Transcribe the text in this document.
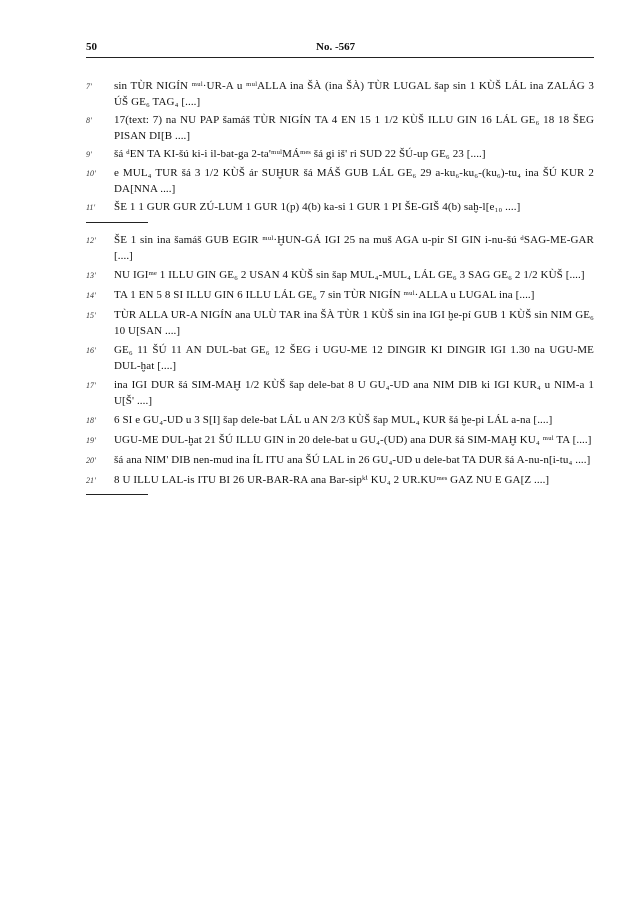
50	No. -567
7'	sin TÙR NIGÍN ᵐᵘˡ·UR-A u ᵐᵘˡALLA ina ŠÀ (ina ŠÀ) TÙR LUGAL šap sin 1 KÙŠ LÁL ina ZALÁG 3 ÚŠ GE₆ TAG₄ [....]
8'	17(text: 7) na NU PAP šamáš TÙR NIGÍN TA 4 EN 15 1 1/2 KÙŠ ILLU GIN 16 LÁL GE₆ 18 18 ŠEG PISAN DI[B ....]
9'	šá ᵈEN TA KI-šú ki-i il-bat-ga 2-ta'ᵐᵘˡMÁᵐᵉˢ šá gi iš' ri SUD 22 ŠÚ-up GE₆ 23 [....]
10'	e MUL₄ TUR šá 3 1/2 KÙŠ ár SUḪUR šá MÁŠ GUB LÁL GE₆ 29 a-ku₆-ku₆-(ku₆)-tu₄ ina ŠÚ KUR 2 DA[NNA ....]
11'	ŠE 1 1 GUR GUR ZÚ-LUM 1 GUR 1(p) 4(b) ka-si 1 GUR 1 PI ŠE-GIŠ 4(b) saḫ-l[e₁₀ ....]
12'	ŠE 1 sin ina šamáš GUB EGIR ᵐᵘˡ·ḪUN-GÁ IGI 25 na muš AGA u-pir SI GIN i-nu-šú ᵈSAG-ME-GAR [....]
13'	NU IGIᵐᵉ 1 ILLU GIN GE₆ 2 USAN 4 KÙŠ sin šap MUL₄-MUL₄ LÁL GE₆ 3 SAG GE₆ 2 1/2 KÙŠ [....]
14'	TA 1 EN 5 8 SI ILLU GIN 6 ILLU LÁL GE₆ 7 sin TÙR NIGÍN ᵐᵘˡ·ALLA u LUGAL ina [....]
15'	TÙR ALLA UR-A NIGÍN ana ULÙ TAR ina ŠÀ TÙR 1 KÙŠ sin ina IGI ḫe-pí GUB 1 KÙŠ sin NIM GE₆ 10 U[SAN ....]
16'	GE₆ 11 ŠÚ 11 AN DUL-bat GE₆ 12 ŠEG i UGU-ME 12 DINGIR KI DINGIR IGI 1.30 na UGU-ME DUL-ḫat [....]
17'	ina IGI DUR šá SIM-MAḪ 1/2 KÙŠ šap dele-bat 8 U GU₄-UD ana NIM DIB ki IGI KUR₄ u NIM-a 1 U[Š' ....]
18'	6 SI e GU₄-UD u 3 S[I] šap dele-bat LÁL u AN 2/3 KÙŠ šap MUL₄ KUR šá ḫe-pi LÁL a-na [....]
19'	UGU-ME DUL-ḫat 21 ŠÚ ILLU GIN in 20 dele-bat u GU₄-(UD) ana DUR šá SIM-MAḪ KU₄ ᵐᵘˡ TA [....]
20'	šá ana NIM' DIB nen-mud ina ÍL ITU ana ŠÚ LAL in 26 GU₄-UD u dele-bat TA DUR šá A-nu-n[i-tu₄ ....]
21'	8 U ILLU LAL-is ITU BI 26 UR-BAR-RA ana Bar-sipᵏⁱ KU₄ 2 UR.KUᵐᵉˢ GAZ NU E GA[Z ....]
